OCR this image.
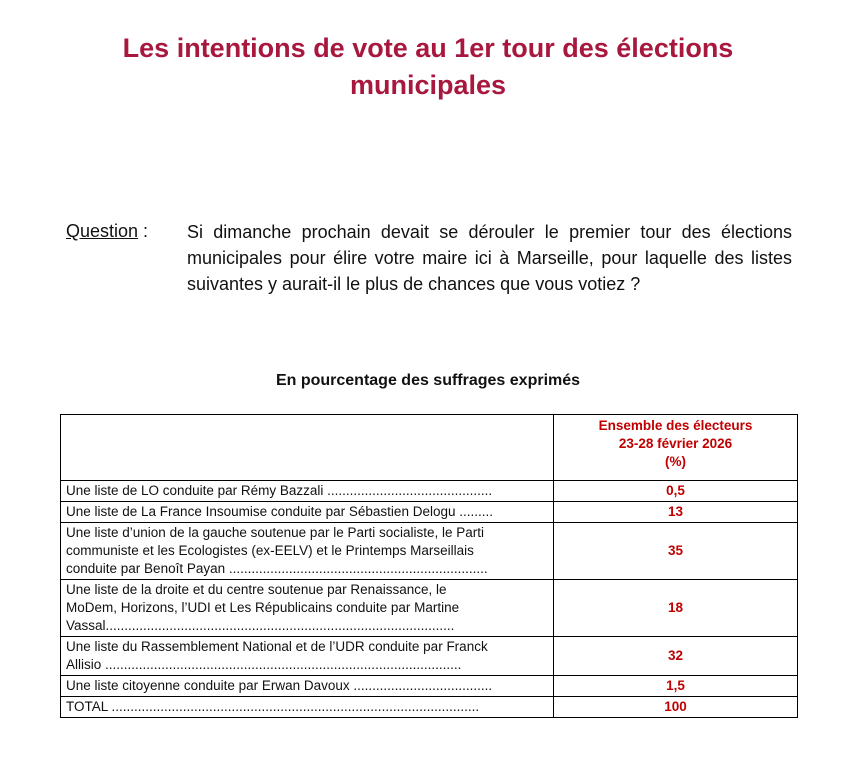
Les intentions de vote au 1er tour des élections
municipales
Question : Si dimanche prochain devait se dérouler le premier tour des élections municipales pour élire votre maire ici à Marseille, pour laquelle des listes suivantes y aurait-il le plus de chances que vous votiez ?
En pourcentage des suffrages exprimés

	Ensemble des électeurs
23-28 février 2026
(%)

Une liste de LO conduite par Rémy Bazzali ............................................	0,5

Une liste de La France Insoumise conduite par Sébastien Delogu .........	13

Une liste d’union de la gauche soutenue par le Parti socialiste, le Parti
communiste et les Ecologistes (ex-EELV) et le Printemps Marseillais
conduite par Benoît Payan .....................................................................	35

Une liste de la droite et du centre soutenue par Renaissance, le
MoDem, Horizons, l’UDI et Les Républicains conduite par Martine
Vassal.............................................................................................	18

Une liste du Rassemblement National et de l’UDR conduite par Franck
Allisio ...............................................................................................	32

Une liste citoyenne conduite par Erwan Davoux .....................................	1,5

TOTAL ..................................................................................................	100
